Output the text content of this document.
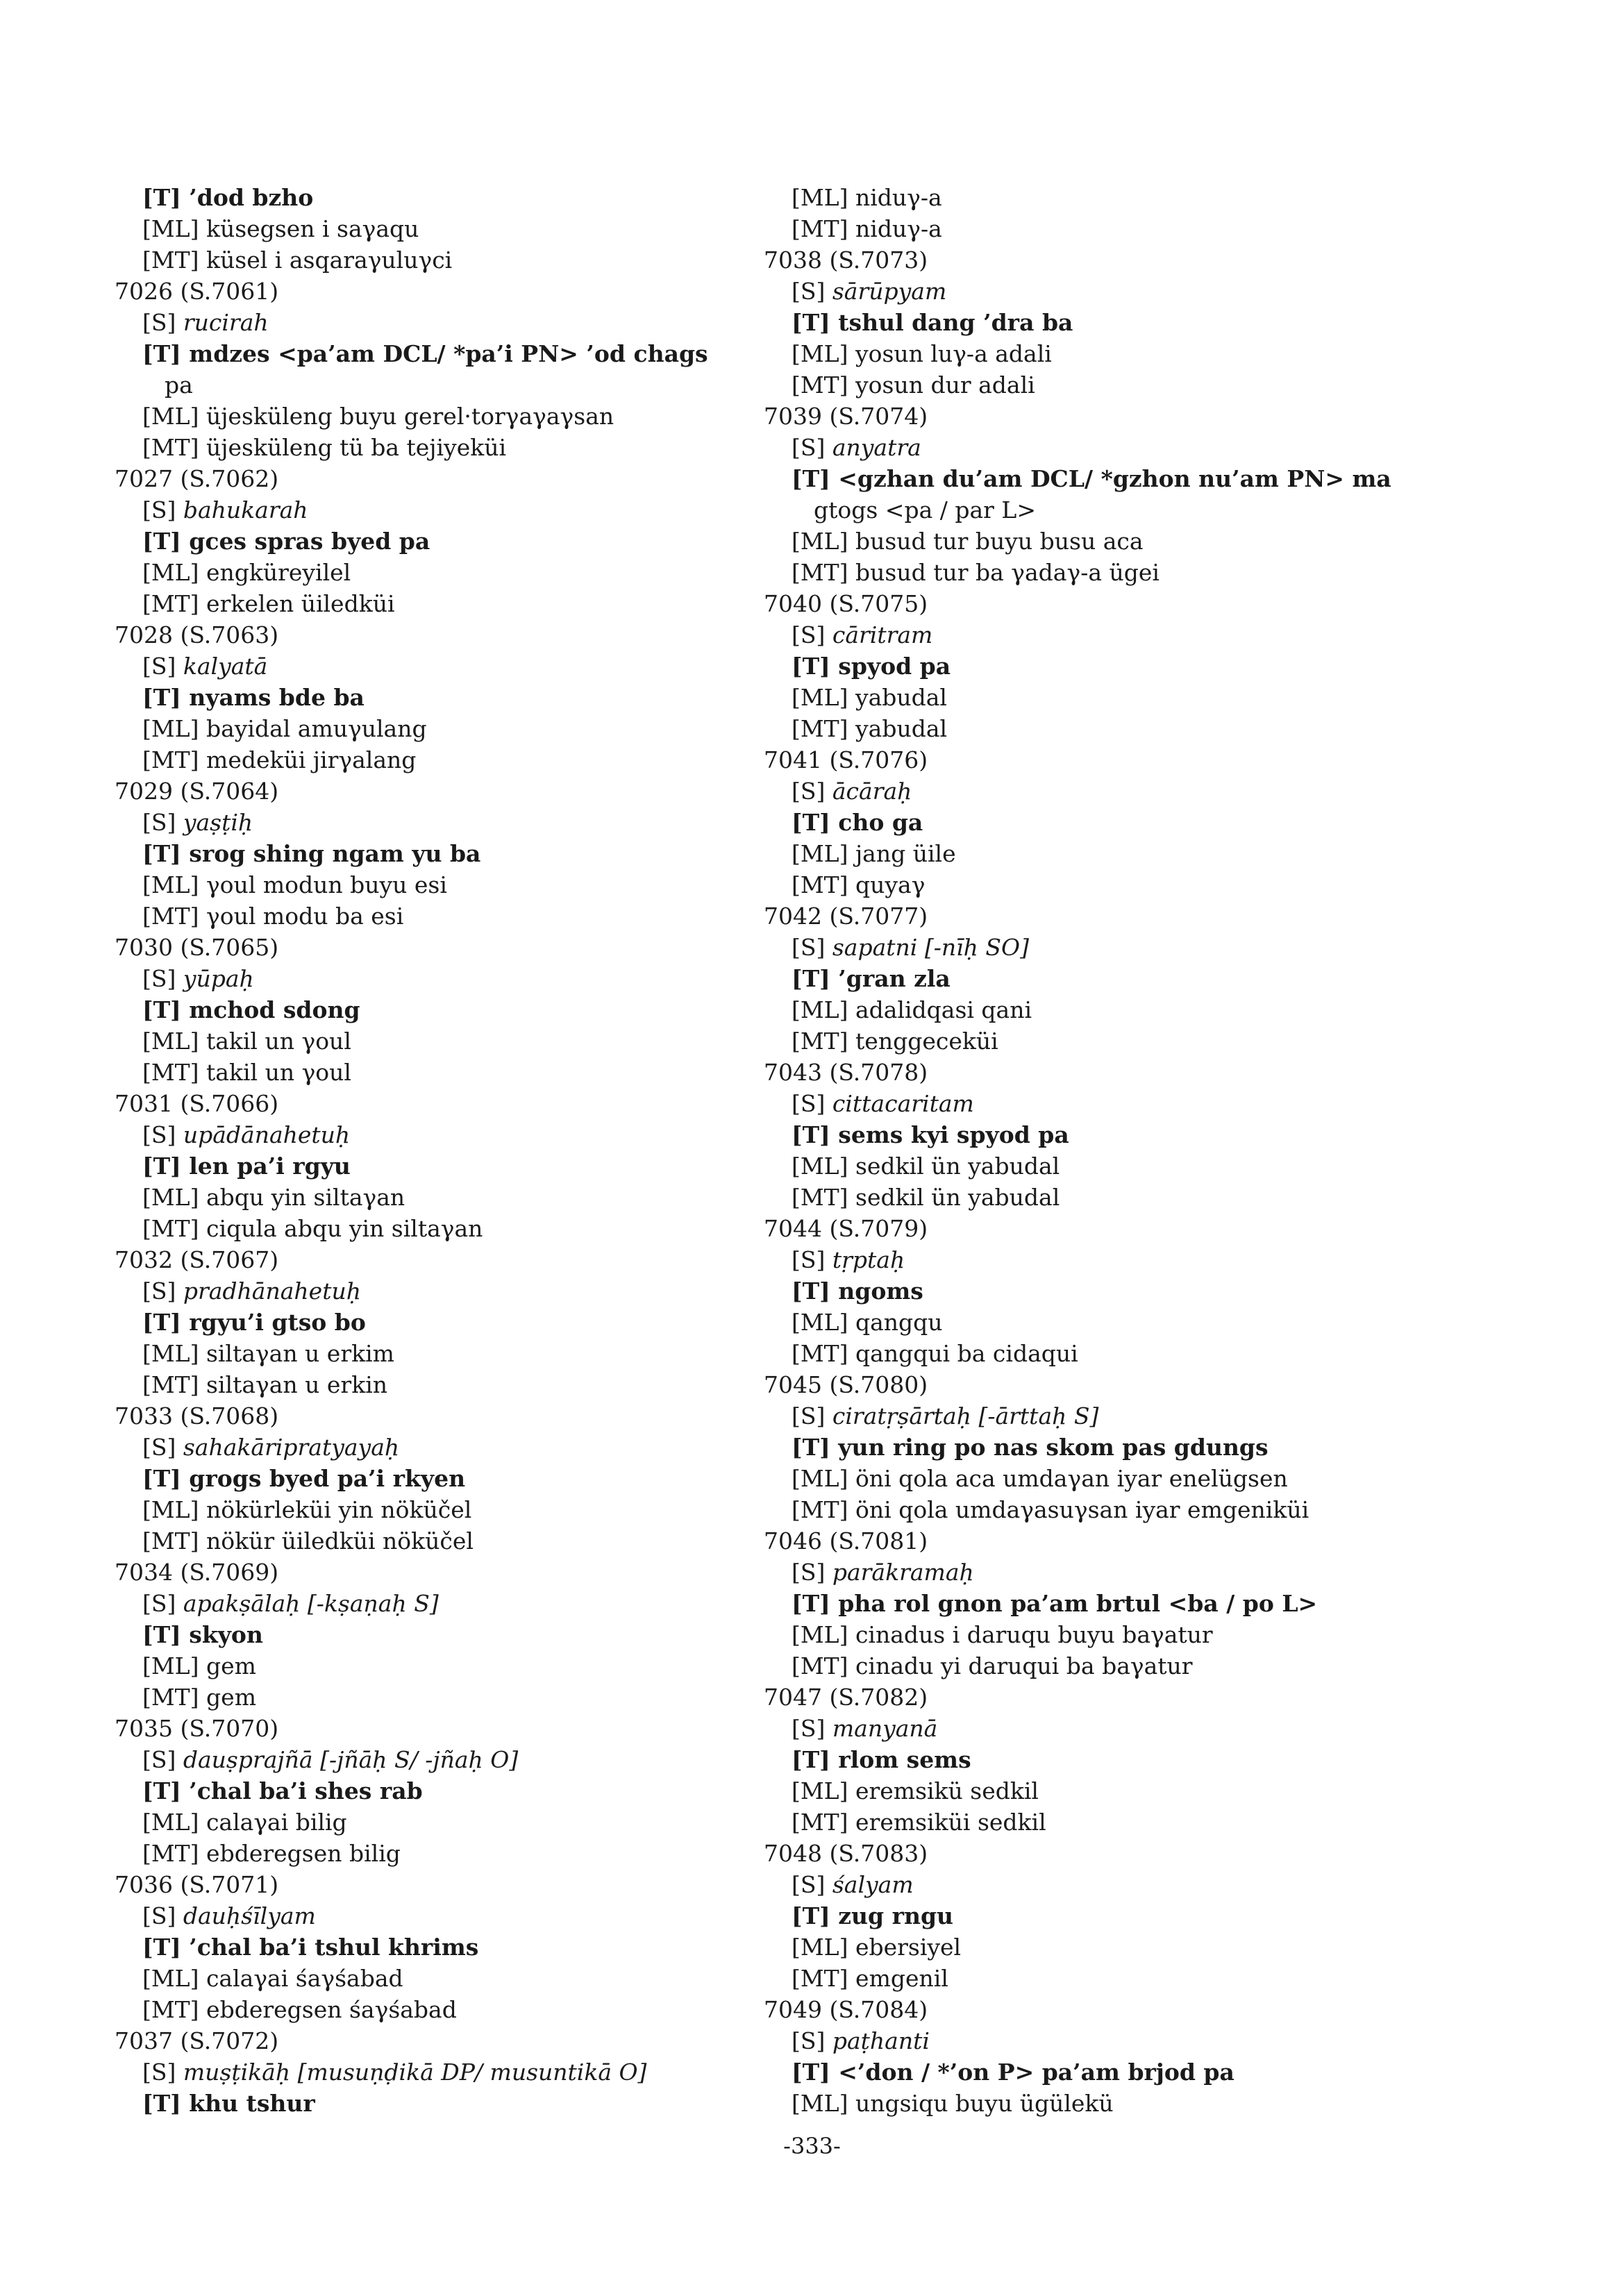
[T] ’dod bzho
[ML] küsegsen i saγaqu
[MT] küsel i asqaraγuluγci
7026 (S.7061)
[S] rucirah
[T] mdzes <pa’am DCL/ *pa’i PN> ’od chags
pa
[ML] üjesküleng buyu gerel·torγaγaγsan
[MT] üjesküleng tü ba tejiyeküi
7027 (S.7062)
[S] bahukarah
[T] gces spras byed pa
[ML] engküreyilel
[MT] erkelen üiledküi
7028 (S.7063)
[S] kalyatā
[T] nyams bde ba
[ML] bayidal amuγulang
[MT] medeküi jirγalang
7029 (S.7064)
[S] yaṣṭiḥ
[T] srog shing ngam yu ba
[ML] γoul modun buyu esi
[MT] γoul modu ba esi
7030 (S.7065)
[S] yūpaḥ
[T] mchod sdong
[ML] takil un γoul
[MT] takil un γoul
7031 (S.7066)
[S] upādānahetuḥ
[T] len pa’i rgyu
[ML] abqu yin siltaγan
[MT] ciqula abqu yin siltaγan
7032 (S.7067)
[S] pradhānahetuḥ
[T] rgyu’i gtso bo
[ML] siltaγan u erkim
[MT] siltaγan u erkin
7033 (S.7068)
[S] sahakāripratyayaḥ
[T] grogs byed pa’i rkyen
[ML] nökürleküi yin nöküčel
[MT] nökür üiledküi nöküčel
7034 (S.7069)
[S] apakṣālaḥ [-kṣaṇaḥ S]
[T] skyon
[ML] gem
[MT] gem
7035 (S.7070)
[S] dauṣprajñā [-jñāḥ S/ -jñaḥ O]
[T] ’chal ba’i shes rab
[ML] calaγai bilig
[MT] ebderegsen bilig
7036 (S.7071)
[S] dauḥśīlyam
[T] ’chal ba’i tshul khrims
[ML] calaγai śaγśabad
[MT] ebderegsen śaγśabad
7037 (S.7072)
[S] muṣṭikāḥ [musuṇḍikā DP/ musuntikā O]
[T] khu tshur
[ML] niduγ-a
[MT] niduγ-a
7038 (S.7073)
[S] sārūpyam
[T] tshul dang ’dra ba
[ML] yosun luγ-a adali
[MT] yosun dur adali
7039 (S.7074)
[S] anyatra
[T] <gzhan du’am DCL/ *gzhon nu’am PN> ma
gtogs <pa / par L>
[ML] busud tur buyu busu aca
[MT] busud tur ba γadaγ-a ügei
7040 (S.7075)
[S] cāritram
[T] spyod pa
[ML] yabudal
[MT] yabudal
7041 (S.7076)
[S] ācāraḥ
[T] cho ga
[ML] jang üile
[MT] quyaγ
7042 (S.7077)
[S] sapatni [-nīḥ SO]
[T] ’gran zla
[ML] adalidqasi qani
[MT] tenggeceküi
7043 (S.7078)
[S] cittacaritam
[T] sems kyi spyod pa
[ML] sedkil ün yabudal
[MT] sedkil ün yabudal
7044 (S.7079)
[S] tṛptaḥ
[T] ngoms
[ML] qangqu
[MT] qangqui ba cidaqui
7045 (S.7080)
[S] ciratṛṣārtaḥ [-ārttaḥ S]
[T] yun ring po nas skom pas gdungs
[ML] öni qola aca umdaγan iyar enelügsen
[MT] öni qola umdaγasuγsan iyar emgeniküi
7046 (S.7081)
[S] parākramaḥ
[T] pha rol gnon pa’am brtul <ba / po L>
[ML] cinadus i daruqu buyu baγatur
[MT] cinadu yi daruqui ba baγatur
7047 (S.7082)
[S] manyanā
[T] rlom sems
[ML] eremsikü sedkil
[MT] eremsiküi sedkil
7048 (S.7083)
[S] śalyam
[T] zug rngu
[ML] ebersiyel
[MT] emgenil
7049 (S.7084)
[S] paṭhanti
[T] <’don / *’on P> pa’am brjod pa
[ML] ungsiqu buyu ügülekü
-333-
